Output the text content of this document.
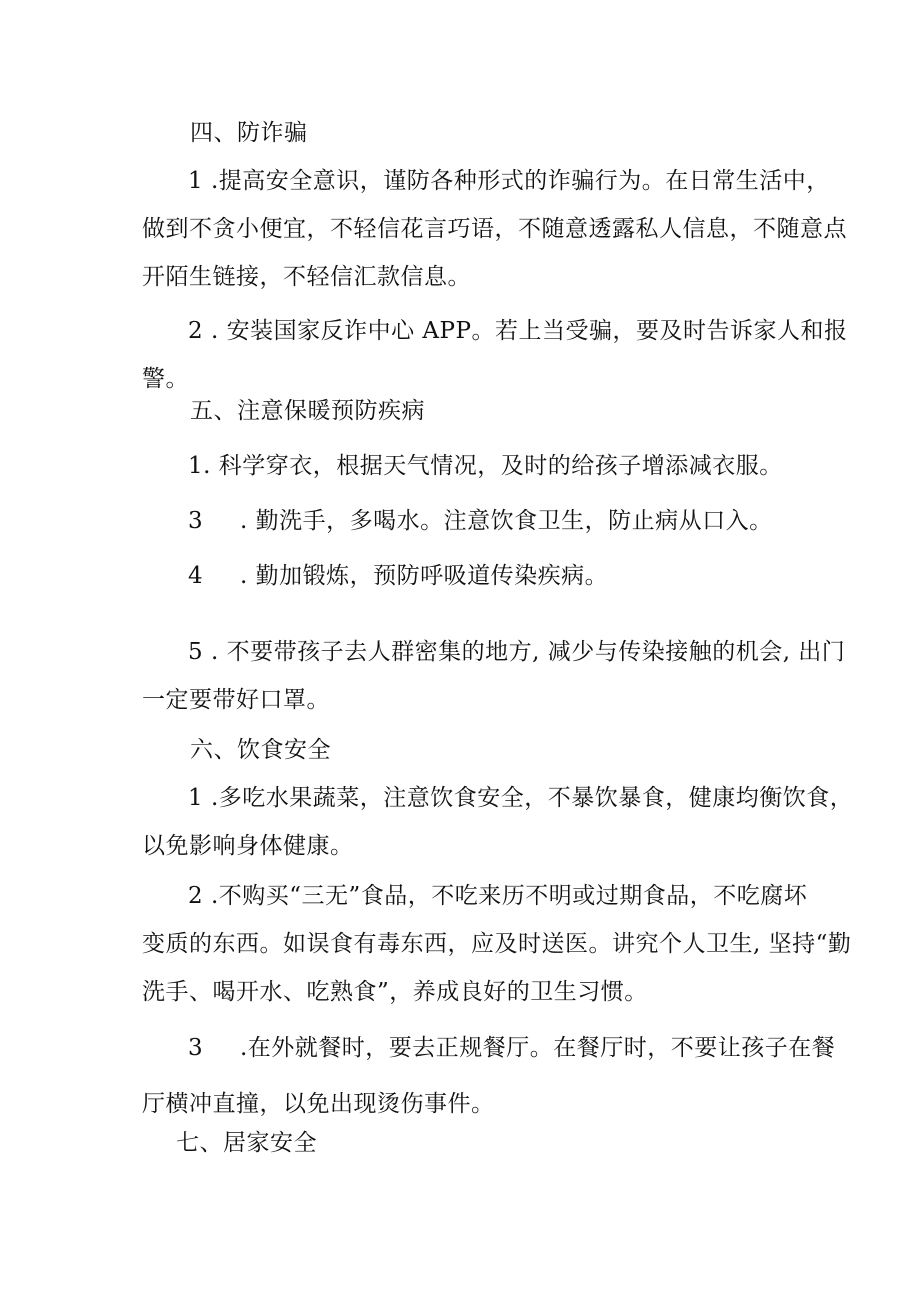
四、防诈骗
1 .提高安全意识，谨防各种形式的诈骗行为。在日常生活中，
做到不贪小便宜，不轻信花言巧语，不随意透露私人信息，不随意点
开陌生链接，不轻信汇款信息。
2 . 安装国家反诈中心 APP。若上当受骗，要及时告诉家人和报
警。
五、注意保暖预防疾病
1. 科学穿衣，根据天气情况，及时的给孩子增添减衣服。
3 . 勤洗手，多喝水。注意饮食卫生，防止病从口入。
4 . 勤加锻炼，预防呼吸道传染疾病。
5 . 不要带孩子去人群密集的地方, 减少与传染接触的机会, 出门
一定要带好口罩。
六、饮食安全
1 .多吃水果蔬菜，注意饮食安全，不暴饮暴食，健康均衡饮食，
以免影响身体健康。
2 .不购买“三无”食品，不吃来历不明或过期食品，不吃腐坏
变质的东西。如误食有毒东西，应及时送医。讲究个人卫生, 坚持“勤
洗手、喝开水、吃熟食”，养成良好的卫生习惯。
3 .在外就餐时，要去正规餐厅。在餐厅时，不要让孩子在餐
厅横冲直撞，以免出现烫伤事件。
七、居家安全
